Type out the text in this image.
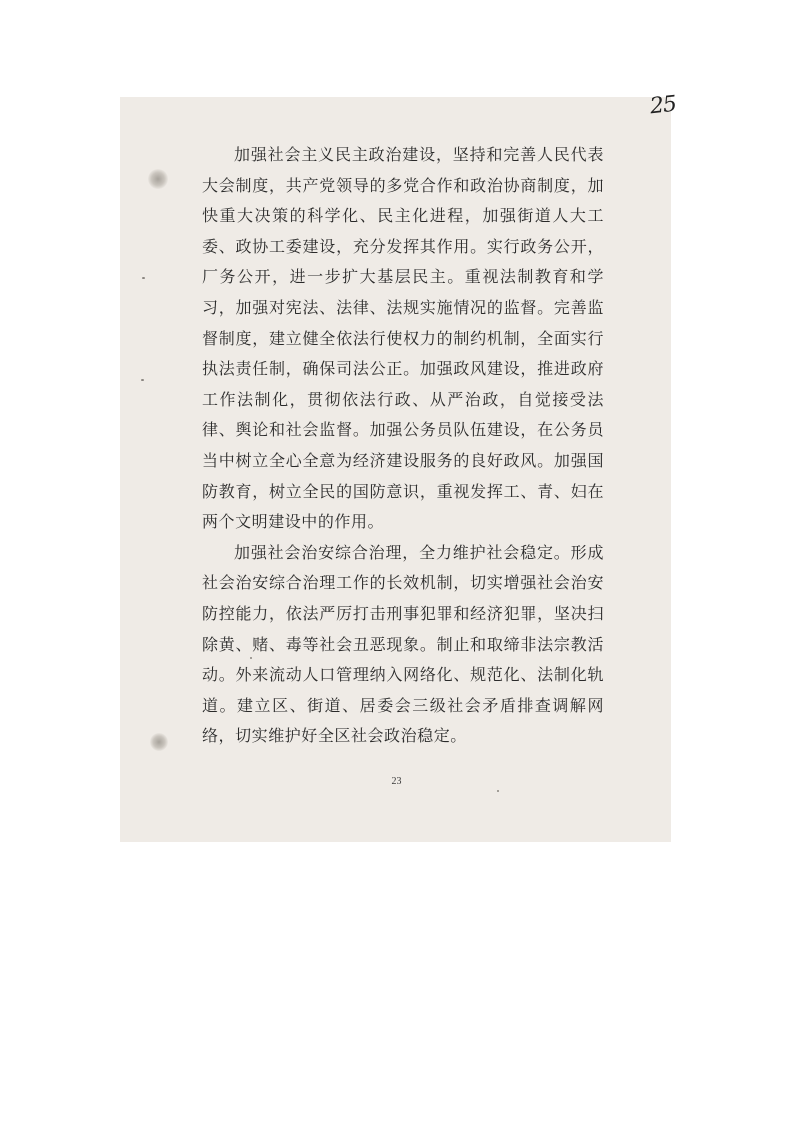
25

加强社会主义民主政治建设，坚持和完善人民代表大会制度，共产党领导的多党合作和政治协商制度，加快重大决策的科学化、民主化进程，加强街道人大工委、政协工委建设，充分发挥其作用。实行政务公开，厂务公开，进一步扩大基层民主。重视法制教育和学习，加强对宪法、法律、法规实施情况的监督。完善监督制度，建立健全依法行使权力的制约机制，全面实行执法责任制，确保司法公正。加强政风建设，推进政府工作法制化，贯彻依法行政、从严治政，自觉接受法律、舆论和社会监督。加强公务员队伍建设，在公务员当中树立全心全意为经济建设服务的良好政风。加强国防教育，树立全民的国防意识，重视发挥工、青、妇在两个文明建设中的作用。

加强社会治安综合治理，全力维护社会稳定。形成社会治安综合治理工作的长效机制，切实增强社会治安防控能力，依法严厉打击刑事犯罪和经济犯罪，坚决扫除黄、赌、毒等社会丑恶现象。制止和取缔非法宗教活动。外来流动人口管理纳入网络化、规范化、法制化轨道。建立区、街道、居委会三级社会矛盾排查调解网络，切实维护好全区社会政治稳定。

23
